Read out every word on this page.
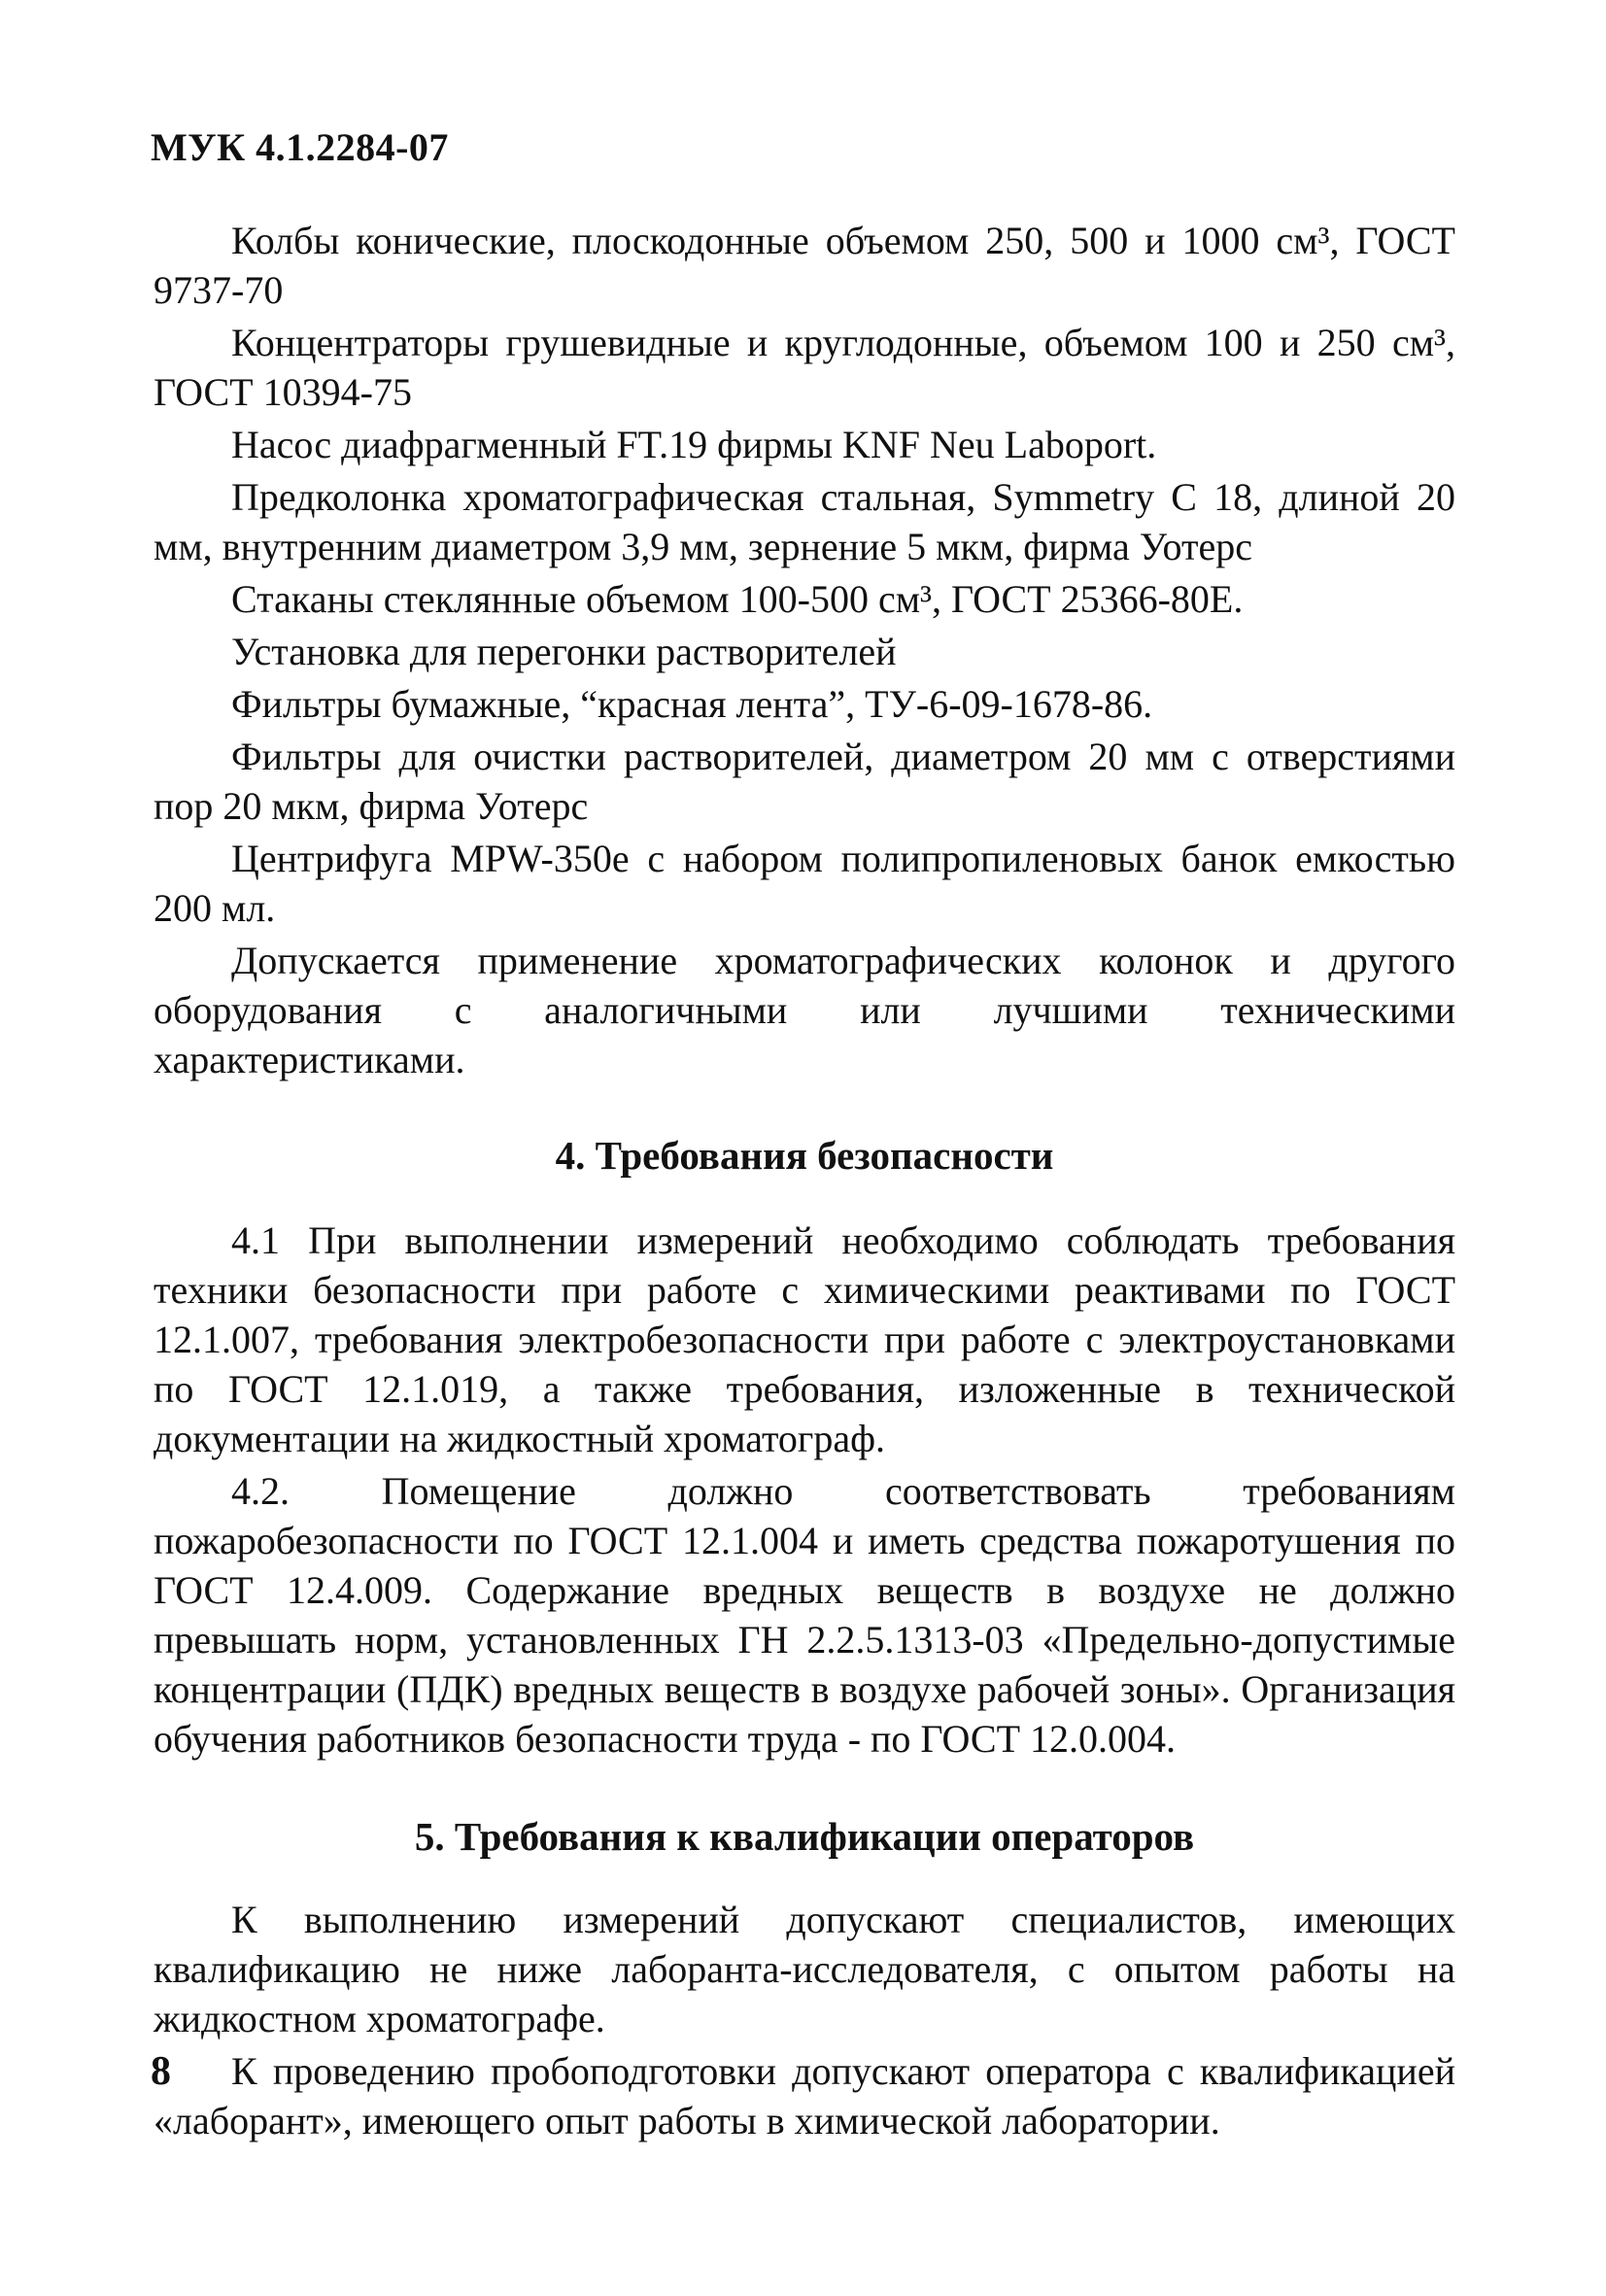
МУК 4.1.2284-07

Колбы конические, плоскодонные объемом 250, 500 и 1000 см³, ГОСТ 9737-70

Концентраторы грушевидные и круглодонные, объемом 100 и 250 см³, ГОСТ 10394-75

Насос диафрагменный FT.19 фирмы KNF Neu Laboport.

Предколонка хроматографическая стальная, Symmetry С 18, длиной 20 мм, внутренним диаметром 3,9 мм, зернение 5 мкм, фирма Уотерс

Стаканы стеклянные объемом 100-500 см³, ГОСТ 25366-80Е.

Установка для перегонки растворителей

Фильтры бумажные, “красная лента”, ТУ-6-09-1678-86.

Фильтры для очистки растворителей, диаметром 20 мм с отверстиями пор 20 мкм, фирма Уотерс

Центрифуга MPW-350e с набором полипропиленовых банок емкостью 200 мл.

Допускается применение хроматографических колонок и другого оборудования с аналогичными или лучшими техническими характеристиками.

4. Требования безопасности

4.1 При выполнении измерений необходимо соблюдать требования техники безопасности при работе с химическими реактивами по ГОСТ 12.1.007, требования электробезопасности при работе с электроустановками по ГОСТ 12.1.019, а также требования, изложенные в технической документации на жидкостный хроматограф.

4.2. Помещение должно соответствовать требованиям пожаробезопасности по ГОСТ 12.1.004 и иметь средства пожаротушения по ГОСТ 12.4.009. Содержание вредных веществ в воздухе не должно превышать норм, установленных ГН 2.2.5.1313-03 «Предельно-допустимые концентрации (ПДК) вредных веществ в воздухе рабочей зоны». Организация обучения работников безопасности труда - по ГОСТ 12.0.004.

5. Требования к квалификации операторов

К выполнению измерений допускают специалистов, имеющих квалификацию не ниже лаборанта-исследователя, с опытом работы на жидкостном хроматографе.

К проведению пробоподготовки допускают оператора с квалификацией «лаборант», имеющего опыт работы в химической лаборатории.

8
